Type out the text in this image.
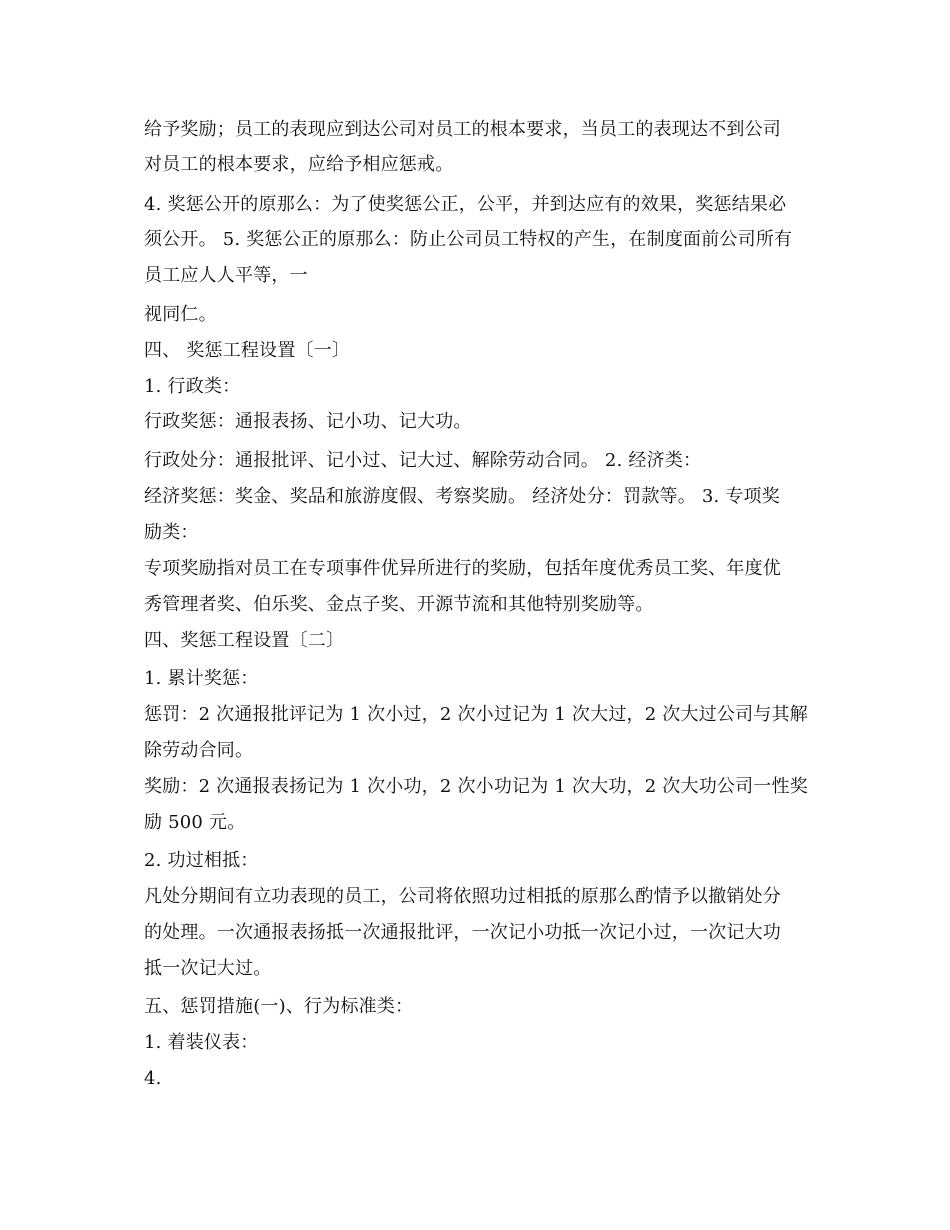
给予奖励；员工的表现应到达公司对员工的根本要求，当员工的表现达不到公司
对员工的根本要求，应给予相应惩戒。
4. 奖惩公开的原那么：为了使奖惩公正，公平，并到达应有的效果，奖惩结果必
须公开。 5. 奖惩公正的原那么：防止公司员工特权的产生，在制度面前公司所有
员工应人人平等，一
视同仁。
四、 奖惩工程设置〔一〕
1. 行政类：
行政奖惩：通报表扬、记小功、记大功。
行政处分：通报批评、记小过、记大过、解除劳动合同。 2. 经济类：
经济奖惩：奖金、奖品和旅游度假、考察奖励。 经济处分：罚款等。 3. 专项奖
励类：
专项奖励指对员工在专项事件优异所进行的奖励，包括年度优秀员工奖、年度优
秀管理者奖、伯乐奖、金点子奖、开源节流和其他特别奖励等。
四、奖惩工程设置〔二〕
1. 累计奖惩：
惩罚：2 次通报批评记为 1 次小过，2 次小过记为 1 次大过，2 次大过公司与其解
除劳动合同。
奖励：2 次通报表扬记为 1 次小功，2 次小功记为 1 次大功，2 次大功公司一性奖
励 500 元。
2. 功过相抵：
凡处分期间有立功表现的员工，公司将依照功过相抵的原那么酌情予以撤销处分
的处理。一次通报表扬抵一次通报批评，一次记小功抵一次记小过，一次记大功
抵一次记大过。
五、惩罚措施(一)、行为标准类：
1. 着装仪表：
4.
